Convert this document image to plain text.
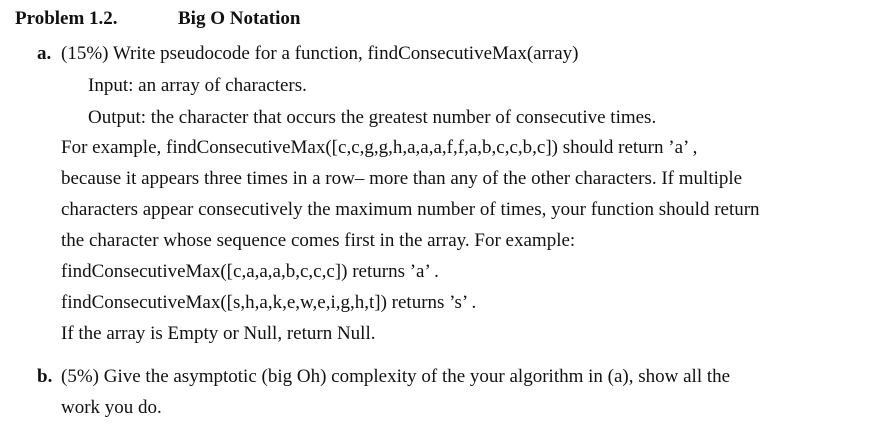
Problem 1.2.	Big O Notation
a. (15%) Write pseudocode for a function, findConsecutiveMax(array)
Input: an array of characters.
Output: the character that occurs the greatest number of consecutive times.
For example, findConsecutiveMax([c,c,g,g,h,a,a,a,f,f,a,b,c,c,b,c]) should return ’a’ ,
because it appears three times in a row– more than any of the other characters. If multiple
characters appear consecutively the maximum number of times, your function should return
the character whose sequence comes first in the array. For example:
findConsecutiveMax([c,a,a,a,b,c,c,c]) returns ’a’ .
findConsecutiveMax([s,h,a,k,e,w,e,i,g,h,t]) returns ’s’ .
If the array is Empty or Null, return Null.
b. (5%) Give the asymptotic (big Oh) complexity of the your algorithm in (a), show all the
work you do.
